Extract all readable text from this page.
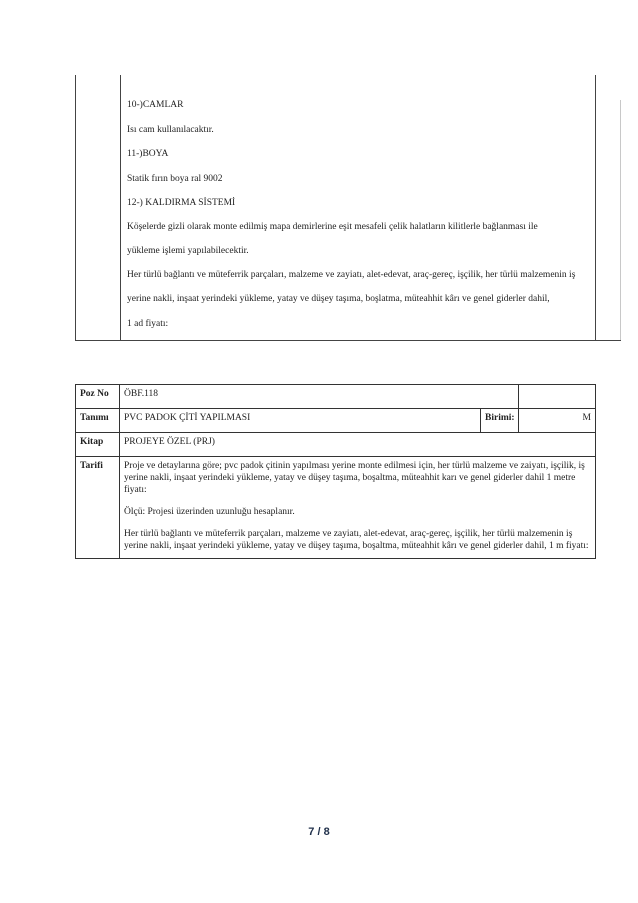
10-)CAMLAR
Isı cam kullanılacaktır.
11-)BOYA
Statik fırın boya ral 9002
12-) KALDIRMA SİSTEMİ
Köşelerde gizli olarak monte edilmiş mapa demirlerine eşit mesafeli çelik halatların kilitlerle bağlanması ile
yükleme işlemi yapılabilecektir.
Her türlü bağlantı ve müteferrik parçaları, malzeme ve zayiatı, alet-edevat, araç-gereç, işçilik, her türlü malzemenin iş
yerine nakli, inşaat yerindeki yükleme, yatay ve düşey taşıma, boşlatma, müteahhit kârı ve genel giderler dahil,
1 ad fiyatı:
Poz No	ÖBF.118		
Tanımı	PVC PADOK ÇİTİ YAPILMASI	Birimi:	M
Kitap	PROJEYE ÖZEL (PRJ)		
Tarifi	Proje ve detaylarına göre; pvc padok çitinin yapılması yerine monte edilmesi için, her türlü malzeme ve zaiyatı, işçilik, iş yerine nakli, inşaat yerindeki yükleme, yatay ve düşey taşıma, boşaltma, müteahhit karı ve genel giderler dahil 1 metre fiyatı:

Ölçü: Projesi üzerinden uzunluğu hesaplanır.

Her türlü bağlantı ve müteferrik parçaları, malzeme ve zayiatı, alet-edevat, araç-gereç, işçilik, her türlü malzemenin iş yerine nakli, inşaat yerindeki yükleme, yatay ve düşey taşıma, boşaltma, müteahhit kârı ve genel giderler dahil, 1 m fiyatı:		

7 / 8
